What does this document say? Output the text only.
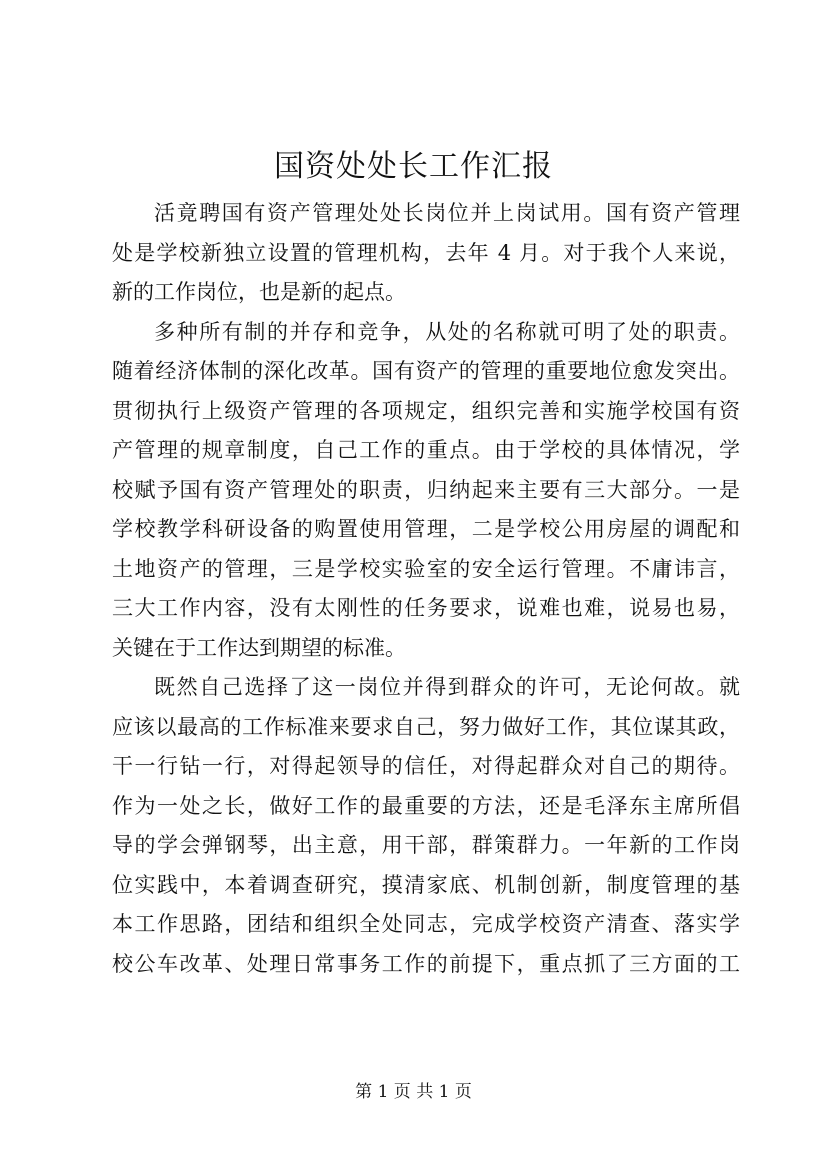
国资处处长工作汇报
活竟聘国有资产管理处处长岗位并上岗试用。国有资产管理
处是学校新独立设置的管理机构，去年 4 月。对于我个人来说，
新的工作岗位，也是新的起点。
多种所有制的并存和竞争，从处的名称就可明了处的职责。
随着经济体制的深化改革。国有资产的管理的重要地位愈发突出。
贯彻执行上级资产管理的各项规定，组织完善和实施学校国有资
产管理的规章制度，自己工作的重点。由于学校的具体情况，学
校赋予国有资产管理处的职责，归纳起来主要有三大部分。一是
学校教学科研设备的购置使用管理，二是学校公用房屋的调配和
土地资产的管理，三是学校实验室的安全运行管理。不庸讳言，
三大工作内容，没有太刚性的任务要求，说难也难，说易也易，
关键在于工作达到期望的标准。
既然自己选择了这一岗位并得到群众的许可，无论何故。就
应该以最高的工作标准来要求自己，努力做好工作，其位谋其政，
干一行钻一行，对得起领导的信任，对得起群众对自己的期待。
作为一处之长，做好工作的最重要的方法，还是毛泽东主席所倡
导的学会弹钢琴，出主意，用干部，群策群力。一年新的工作岗
位实践中，本着调查研究，摸清家底、机制创新，制度管理的基
本工作思路，团结和组织全处同志，完成学校资产清查、落实学
校公车改革、处理日常事务工作的前提下，重点抓了三方面的工
第 1 页 共 1 页
